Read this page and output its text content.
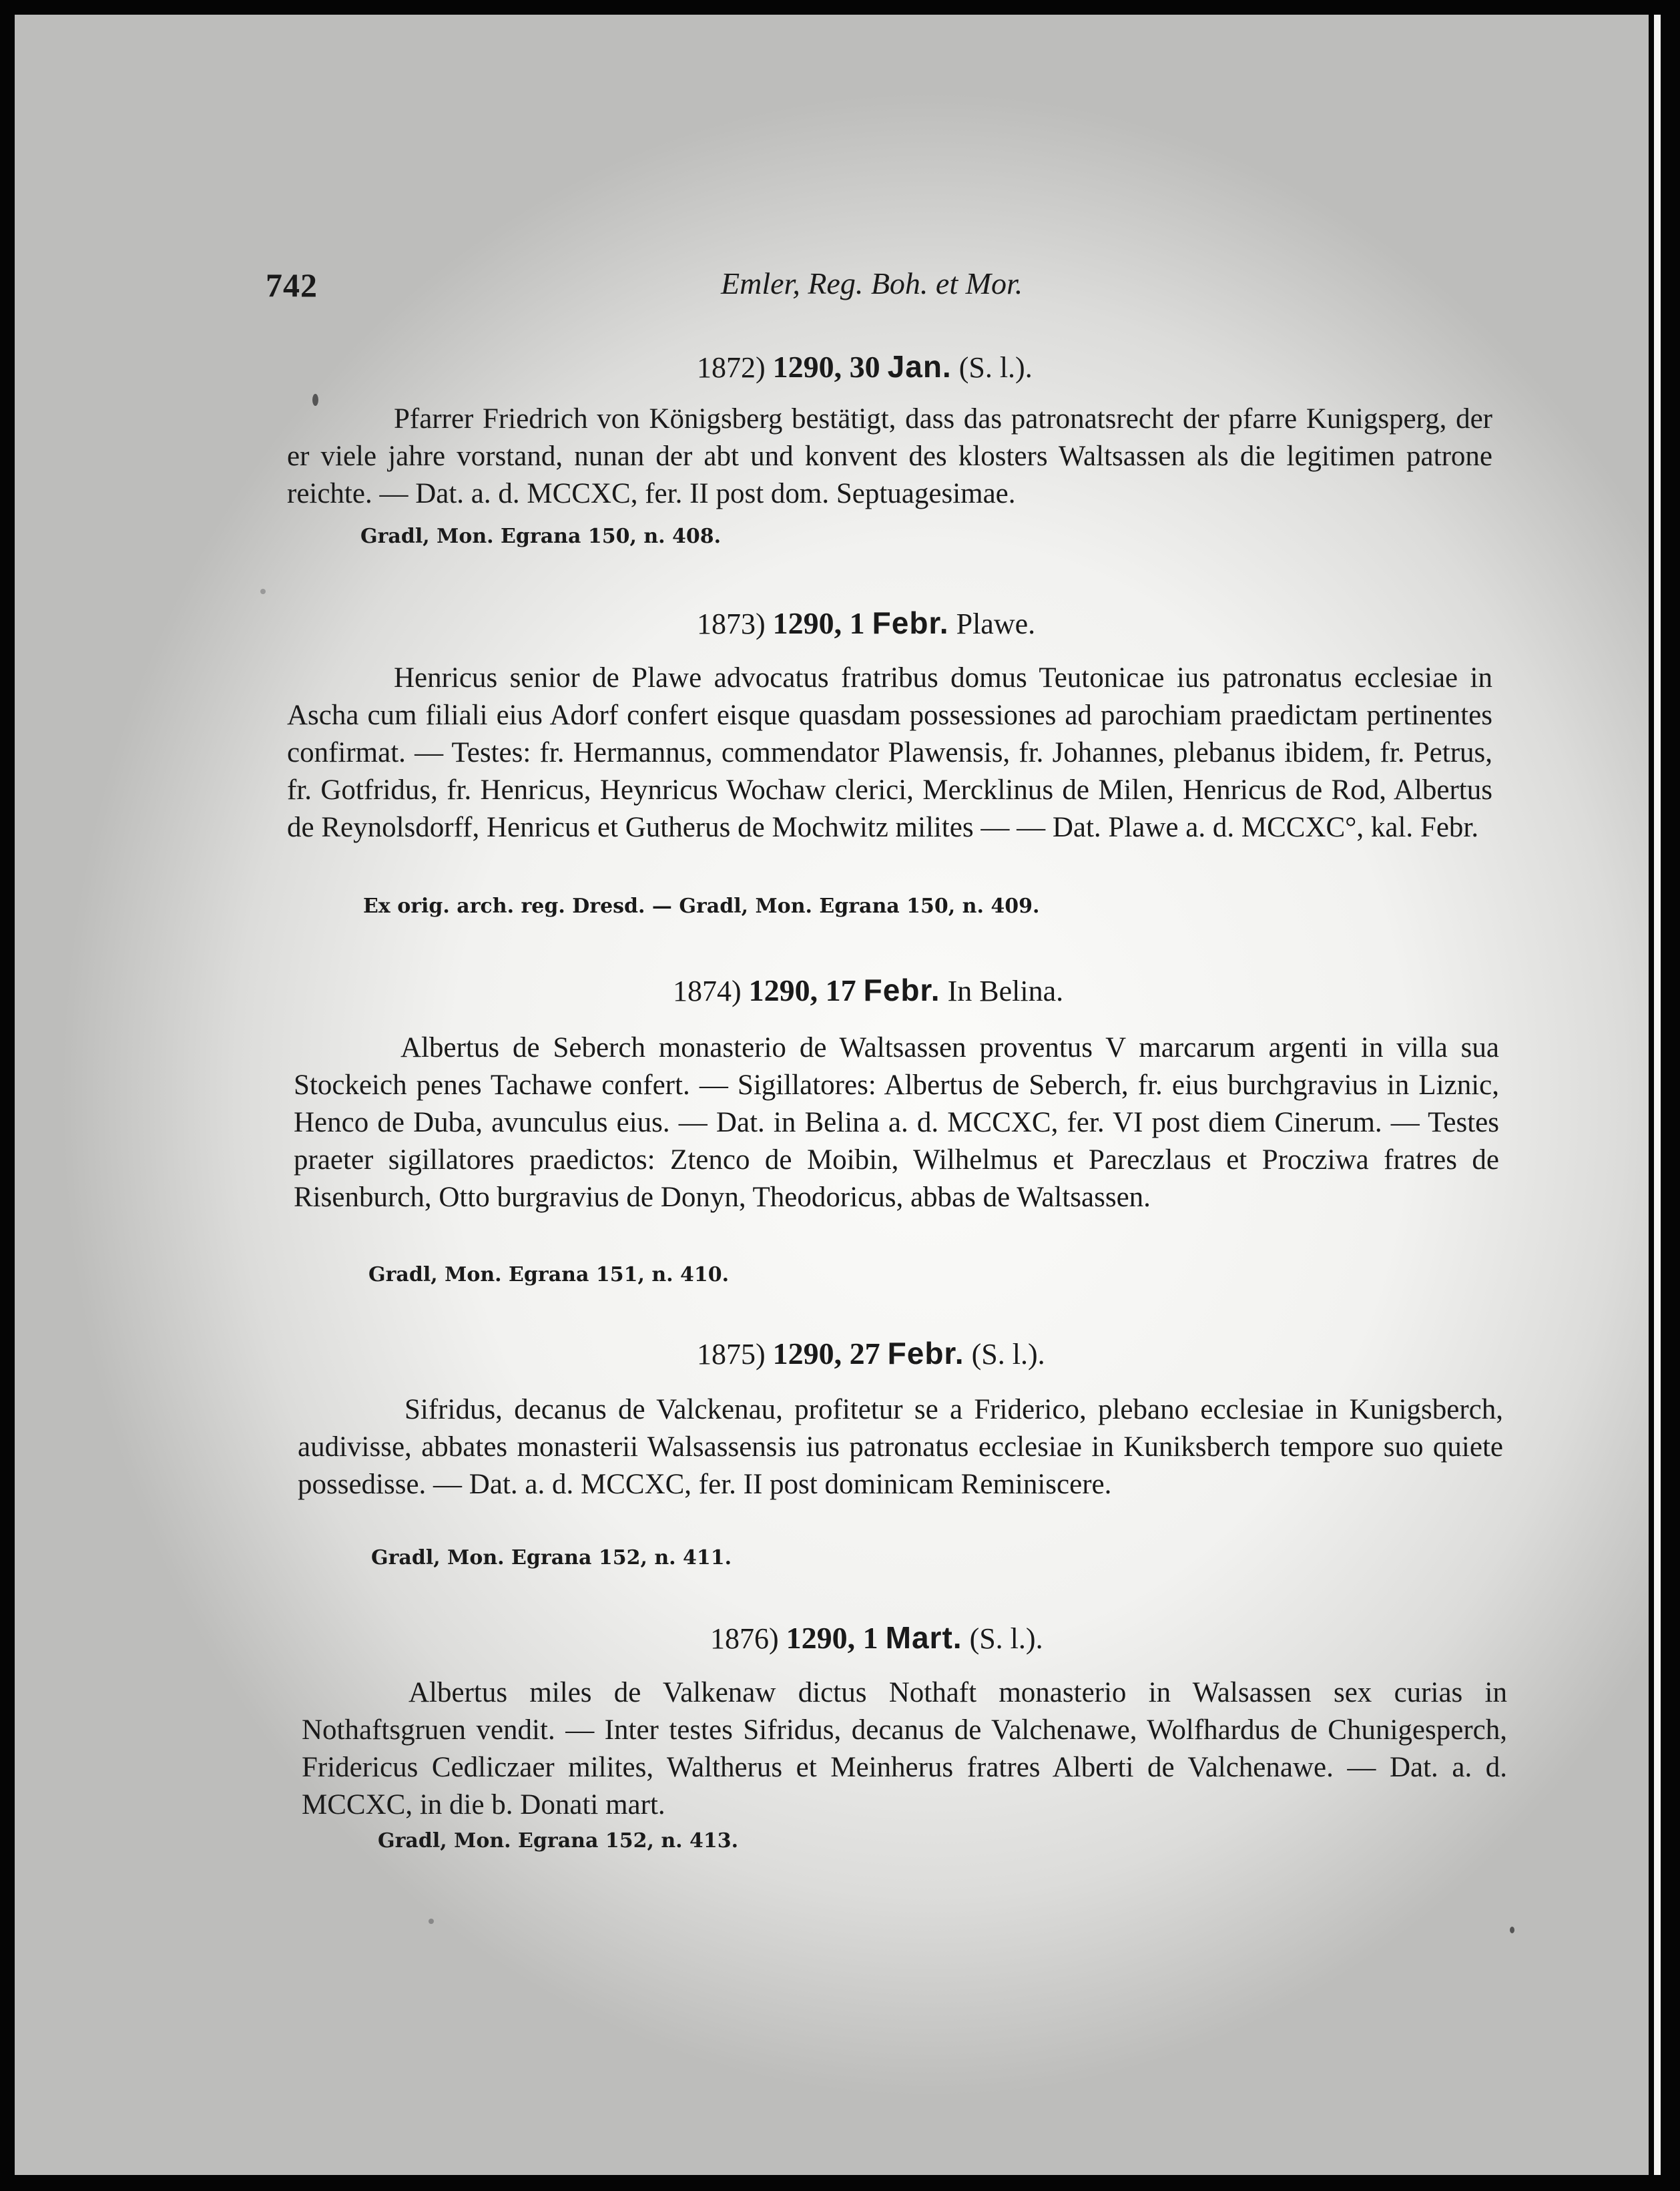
742	Emler, Reg. Boh. et Mor.
1872) 1290, 30 Jan. (S. l.).

Pfarrer Friedrich von Königsberg bestätigt, dass das patronatsrecht der pfarre Kunigsperg, der er viele jahre vorstand, nunan der abt und konvent des klosters Waltsassen als die legitimen patrone reichte. — Dat. a. d. MCCXC, fer. II post dom. Septuagesimae.

Gradl, Mon. Egrana 150, n. 408.

1873) 1290, 1 Febr. Plawe.

Henricus senior de Plawe advocatus fratribus domus Teutonicae ius patronatus ecclesiae in Ascha cum filiali eius Adorf confert eisque quasdam possessiones ad parochiam praedictam pertinentes confirmat. — Testes: fr. Hermannus, commendator Plawensis, fr. Johannes, plebanus ibidem, fr. Petrus, fr. Gotfridus, fr. Henricus, Heynricus Wochaw clerici, Mercklinus de Milen, Henricus de Rod, Albertus de Reynolsdorff, Henricus et Gutherus de Mochwitz milites — — Dat. Plawe a. d. MCCXC°, kal. Febr.

Ex orig. arch. reg. Dresd. — Gradl, Mon. Egrana 150, n. 409.

1874) 1290, 17 Febr. In Belina.

Albertus de Seberch monasterio de Waltsassen proventus V marcarum argenti in villa sua Stockeich penes Tachawe confert. — Sigillatores: Albertus de Seberch, fr. eius burchgravius in Liznic, Henco de Duba, avunculus eius. — Dat. in Belina a. d. MCCXC, fer. VI post diem Cinerum. — Testes praeter sigillatores praedictos: Ztenco de Moibin, Wilhelmus et Pareczlaus et Procziwa fratres de Risenburch, Otto burgravius de Donyn, Theodoricus, abbas de Waltsassen.

Gradl, Mon. Egrana 151, n. 410.

1875) 1290, 27 Febr. (S. l.).

Sifridus, decanus de Valckenau, profitetur se a Friderico, plebano ecclesiae in Kunigsberch, audivisse, abbates monasterii Walsassensis ius patronatus ecclesiae in Kuniksberch tempore suo quiete possedisse. — Dat. a. d. MCCXC, fer. II post dominicam Reminiscere.

Gradl, Mon. Egrana 152, n. 411.

1876) 1290, 1 Mart. (S. l.).

Albertus miles de Valkenaw dictus Nothaft monasterio in Walsassen sex curias in Nothaftsgruen vendit. — Inter testes Sifridus, decanus de Valchenawe, Wolfhardus de Chunigesperch, Fridericus Cedliczaer milites, Waltherus et Meinherus fratres Alberti de Valchenawe. — Dat. a. d. MCCXC, in die b. Donati mart.

Gradl, Mon. Egrana 152, n. 413.
